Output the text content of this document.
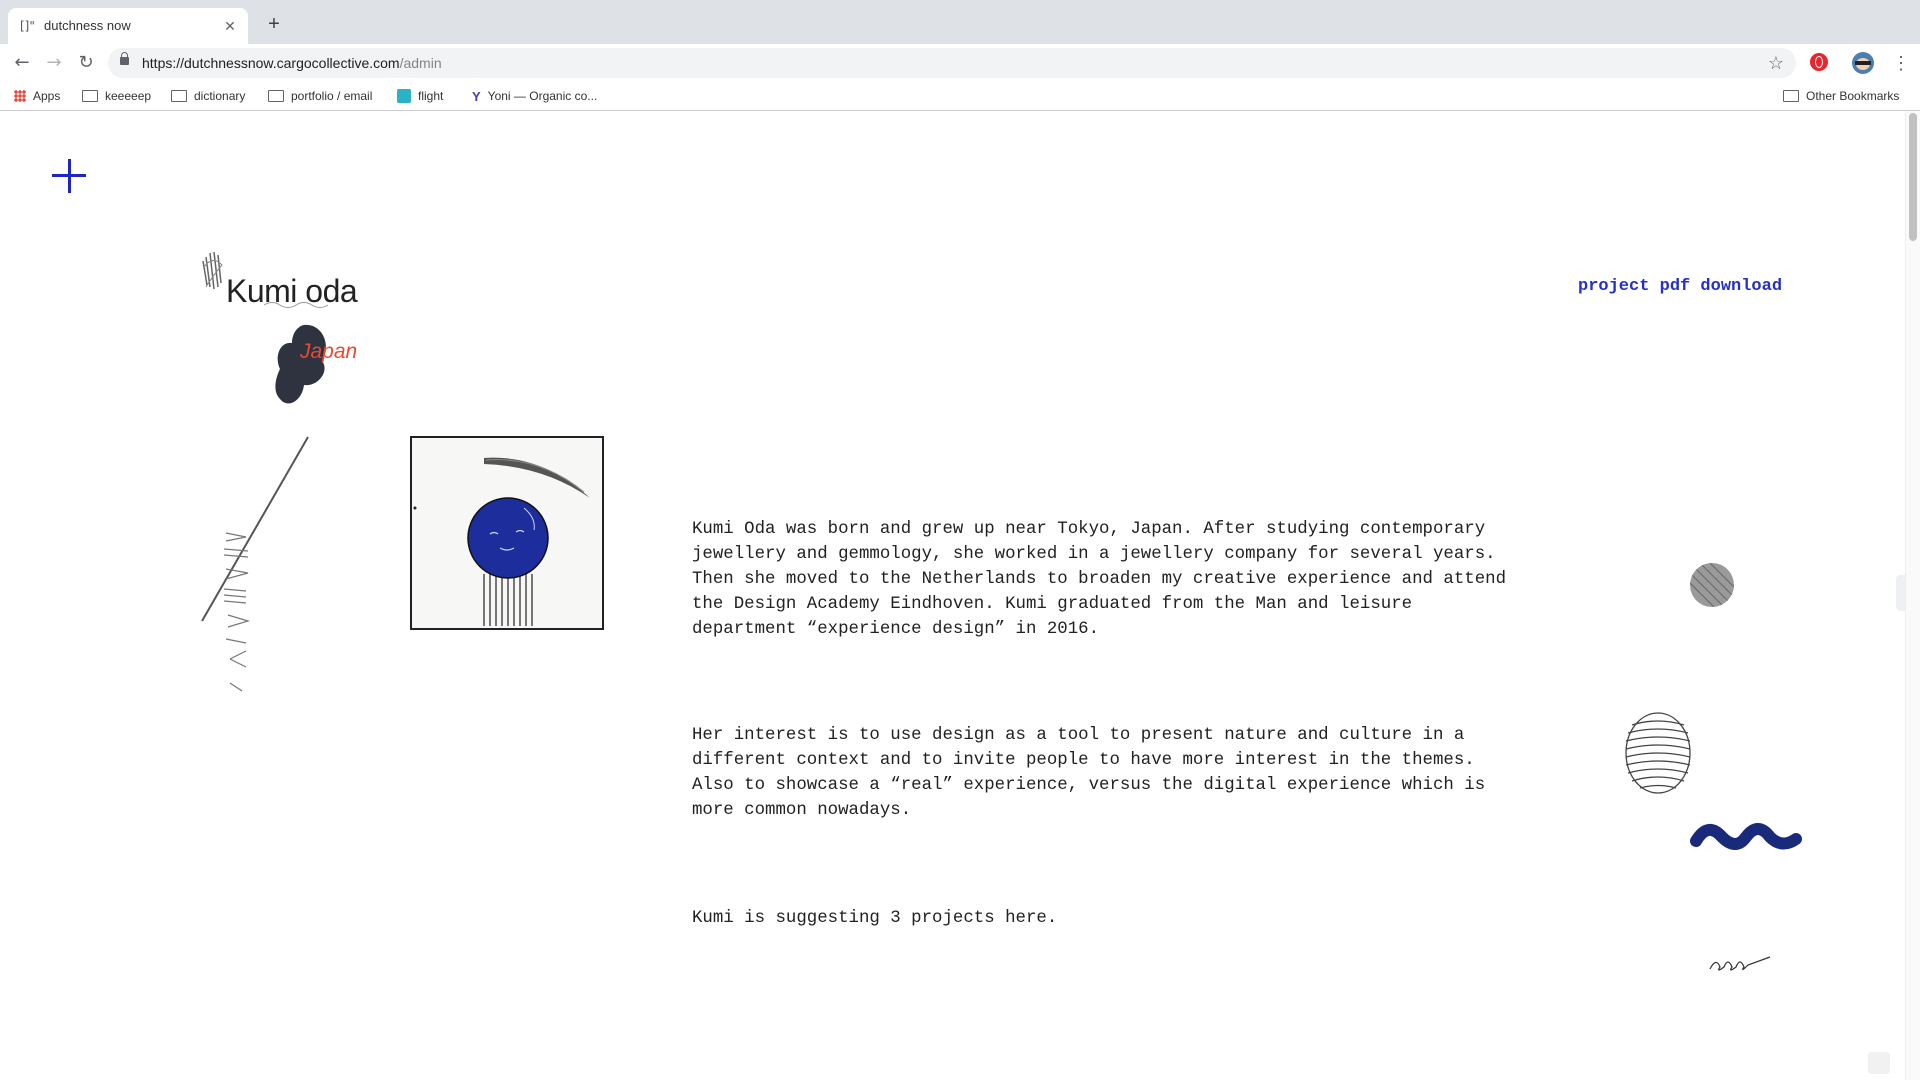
[]" dutchness now	✕	+
← → ↻	https://dutchnessnow.cargocollective.com/admin	☆	⋮
Apps	keeeeep	dictionary	portfolio / email	flight Y Yoni — Organic co...	Other Bookmarks
Kumi oda
Japan
project pdf download

Kumi Oda was born and grew up near Tokyo, Japan. After studying contemporary jewellery and gemmology, she worked in a jewellery company for several years. Then she moved to the Netherlands to broaden my creative experience and attend the Design Academy Eindhoven. Kumi graduated from the Man and leisure department “experience design” in 2016.

Her interest is to use design as a tool to present nature and culture in a different context and to invite people to have more interest in the themes. Also to showcase a “real” experience, versus the digital experience which is more common nowadays.

Kumi is suggesting 3 projects here.
